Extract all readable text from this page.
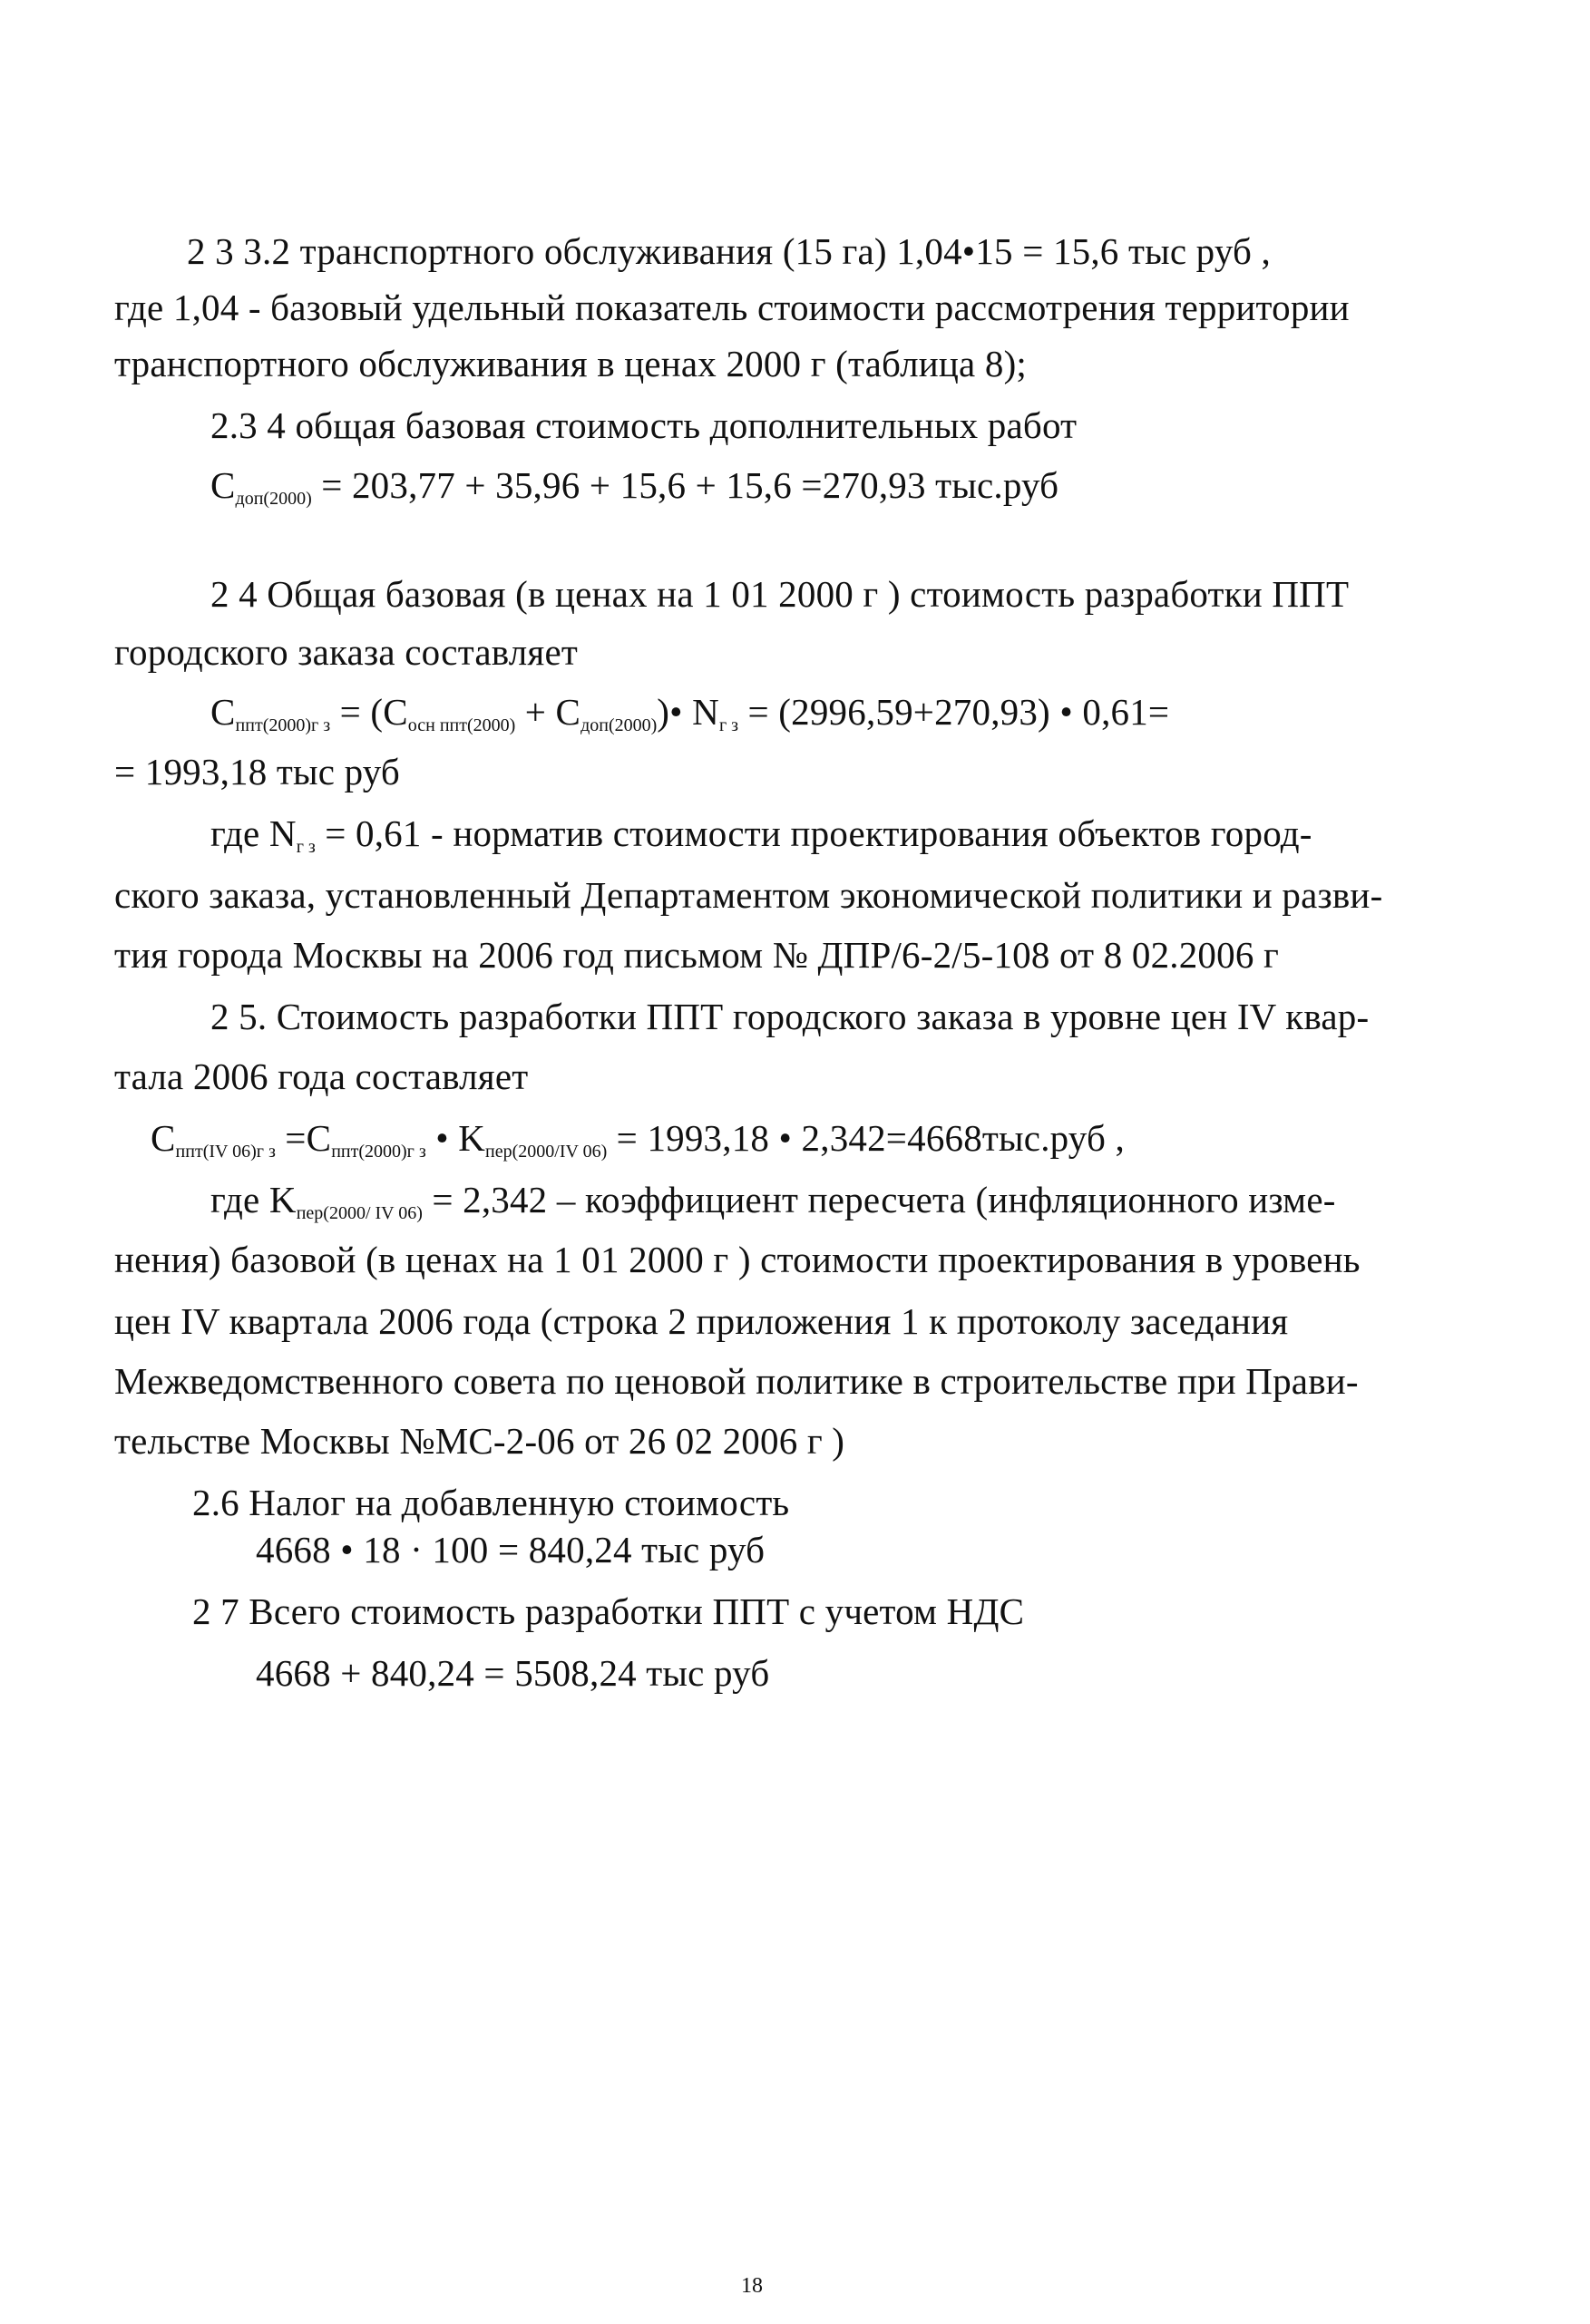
2 3 3.2 транспортного обслуживания (15 га) 1,04•15 = 15,6 тыс руб ,
где 1,04 - базовый удельный показатель стоимости рассмотрения территории
транспортного обслуживания в ценах 2000 г (таблица 8);
2.3 4 общая базовая стоимость дополнительных работ
$C_{доп(2000)} = 203,77 + 35,96 + 15,6 + 15,6 =270,93$ тыс.руб
2 4 Общая базовая (в ценах на 1 01 2000 г ) стоимость разработки ППТ
городского заказа составляет
$C_{ппт(2000)г з} = (C_{осн ппт(2000)}$ + $C_{доп(2000)})•$ $N_{г з} = (2996,59+270,93)$ • 0,61=
= 1993,18 тыс руб
где $N_{г з} = 0,61$ - норматив стоимости проектирования объектов город-
ского заказа, установленный Департаментом экономической политики и разви-
тия города Москвы на 2006 год письмом № ДПР/6-2/5-108 от 8 02.2006 г
2 5. Стоимость разработки ППТ городского заказа в уровне цен IV квар-
тала 2006 года составляет
$C_{ппт(IV 06)г з} =C_{ппт(2000)г з}$ • $K_{пер(2000/IV 06)} = 1993,18$ • 2,342=4668тыс.руб ,
где $K_{пер(2000/ IV 06)} = 2,342$ – коэффициент пересчета (инфляционного изме-
нения) базовой (в ценах на 1 01 2000 г ) стоимости проектирования в уровень
цен IV квартала 2006 года (строка 2 приложения 1 к протоколу заседания
Межведомственного совета по ценовой политике в строительстве при Прави-
тельстве Москвы №МС-2-06 от 26 02 2006 г )
2.6 Налог на добавленную стоимость
4668 • 18 · 100 = 840,24 тыс руб
2 7 Всего стоимость разработки ППТ с учетом НДС
4668 + 840,24 = 5508,24 тыс руб
18
